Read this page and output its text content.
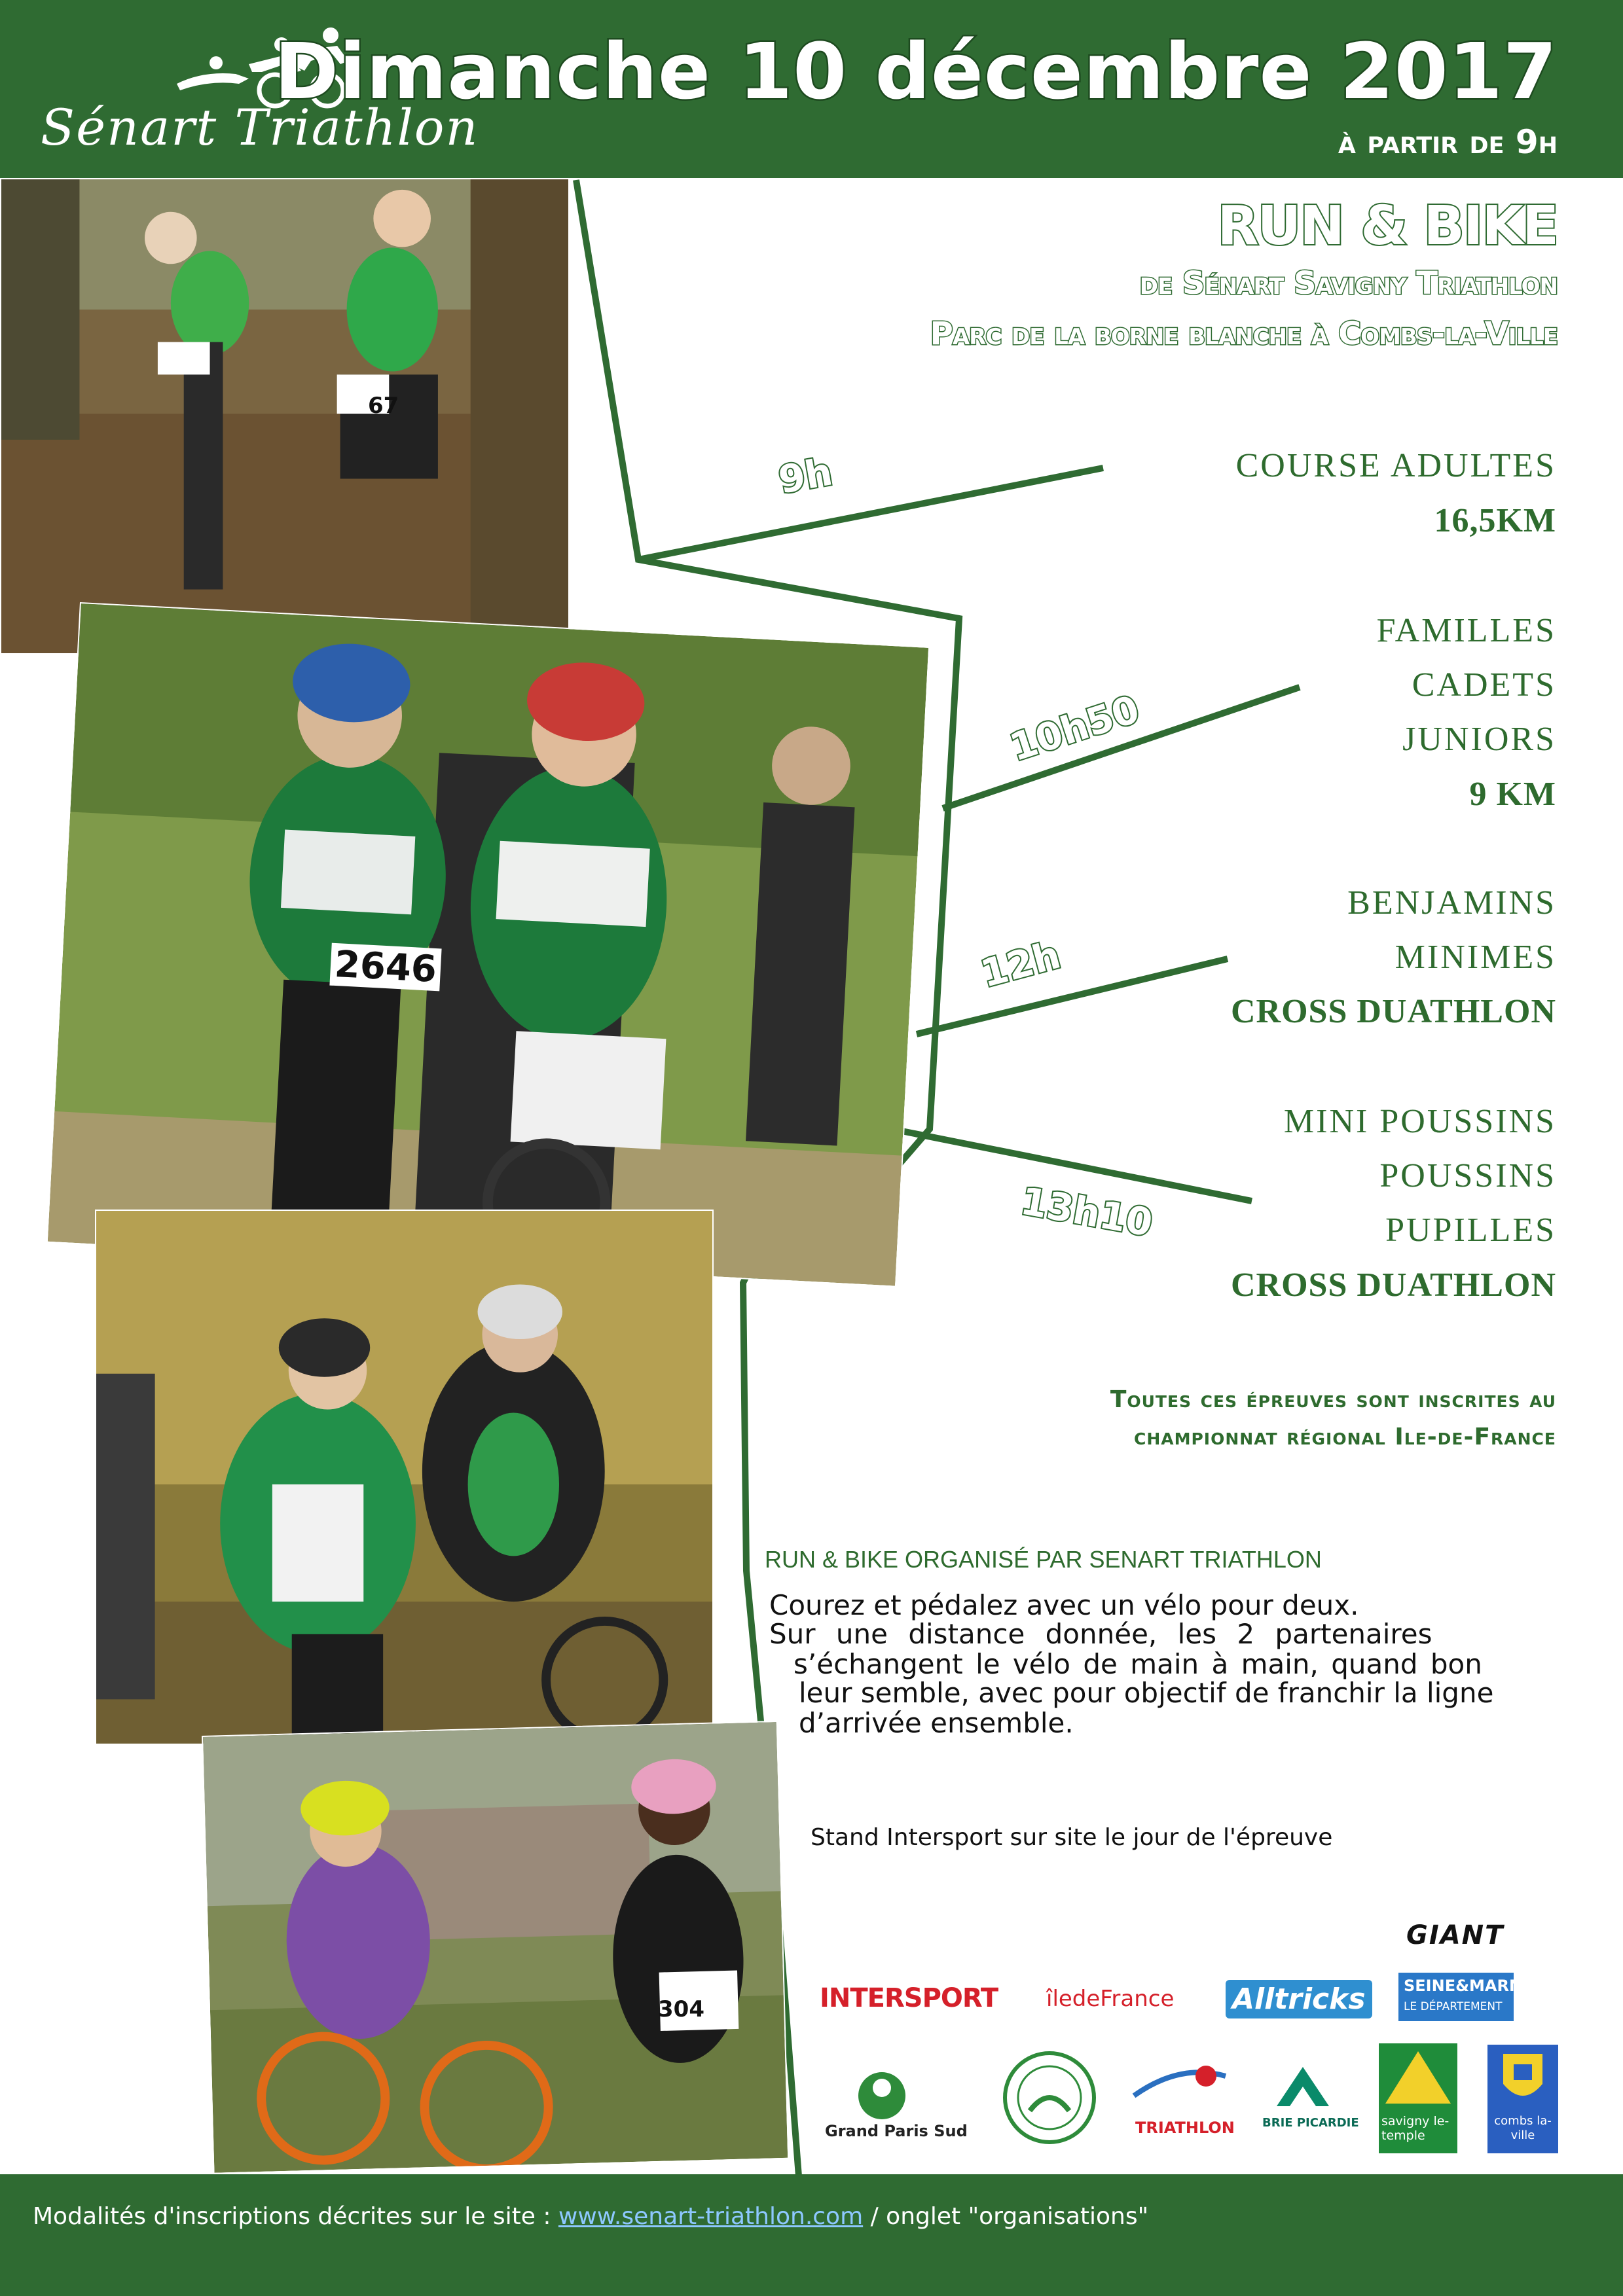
Sénart Triathlon
Dimanche 10 décembre 2017
à partir de 9h
67
2646
304
RUN & BIKE
de Sénart Savigny Triathlon
Parc de la borne blanche à Combs-la-Ville
9h
10h50
12h
13h10
COURSE ADULTES
16,5KM
FAMILLES
CADETS
JUNIORS
9 KM
BENJAMINS
MINIMES
CROSS DUATHLON
MINI POUSSINS
POUSSINS
PUPILLES
CROSS DUATHLON
Toutes ces épreuves sont inscrites au
championnat régional Ile-de-France
RUN & BIKE ORGANISÉ PAR SENART TRIATHLON
Courez et pédalez avec un vélo pour deux.
Sur une distance donnée, les 2 partenaires
s’échangent le vélo de main à main, quand bon
leur semble, avec pour objectif de franchir la ligne
d’arrivée ensemble.
Stand Intersport sur site le jour de l'épreuve
GIANT
INTERSPORT îledeFrance Alltricks	SEINE&MARNE 77
LE DÉPARTEMENT
Grand Paris Sud	TRIATHLON BRIE PICARDIE savigny le-temple
combs la-ville
Modalités d'inscriptions décrites sur le site : www.senart-triathlon.com / onglet "organisations"
